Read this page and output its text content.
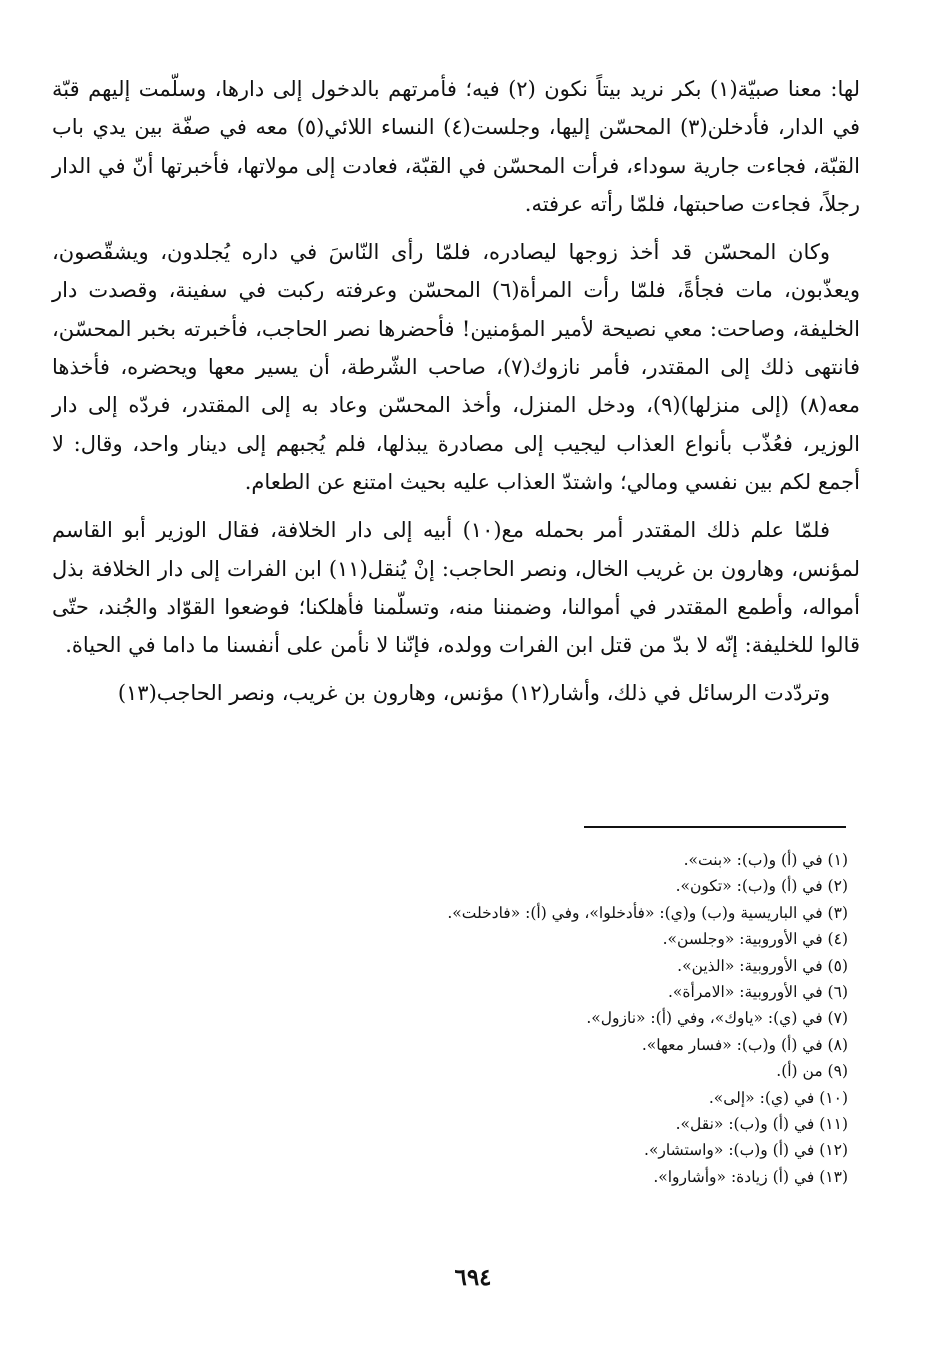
لها: معنا صبيّة(١) بكر نريد بيتاً نكون (٢) فيه؛ فأمرتهم بالدخول إلى دارها، وسلّمت إليهم قبّة في الدار، فأدخلن(٣) المحسّن إليها، وجلست(٤) النساء اللائي(٥) معه في صفّة بين يدي باب القبّة، فجاءت جارية سوداء، فرأت المحسّن في القبّة، فعادت إلى مولاتها، فأخبرتها أنّ في الدار رجلاً، فجاءت صاحبتها، فلمّا رأته عرفته.

وكان المحسّن قد أخذ زوجها ليصادره، فلمّا رأى النّاسَ في داره يُجلدون، ويشقّصون، ويعذّبون، مات فجأةً، فلمّا رأت المرأة(٦) المحسّن وعرفته ركبت في سفينة، وقصدت دار الخليفة، وصاحت: معي نصيحة لأمير المؤمنين! فأحضرها نصر الحاجب، فأخبرته بخبر المحسّن، فانتهى ذلك إلى المقتدر، فأمر نازوك(٧)، صاحب الشّرطة، أن يسير معها ويحضره، فأخذها معه(٨) (إلى منزلها)(٩)، ودخل المنزل، وأخذ المحسّن وعاد به إلى المقتدر، فردّه إلى دار الوزير، فعُذّب بأنواع العذاب ليجيب إلى مصادرة يبذلها، فلم يُجبهم إلى دينار واحد، وقال: لا أجمع لكم بين نفسي ومالي؛ واشتدّ العذاب عليه بحيث امتنع عن الطعام.

فلمّا علم ذلك المقتدر أمر بحمله مع(١٠) أبيه إلى دار الخلافة، فقال الوزير أبو القاسم لمؤنس، وهارون بن غريب الخال، ونصر الحاجب: إنْ يُنقل(١١) ابن الفرات إلى دار الخلافة بذل أمواله، وأطمع المقتدر في أموالنا، وضمننا منه، وتسلّمنا فأهلكنا؛ فوضعوا القوّاد والجُند، حتّى قالوا للخليفة: إنّه لا بدّ من قتل ابن الفرات وولده، فإنّنا لا نأمن على أنفسنا ما داما في الحياة.

وتردّدت الرسائل في ذلك، وأشار(١٢) مؤنس، وهارون بن غريب، ونصر الحاجب(١٣)

(١) في (أ) و(ب): «بنت».
(٢) في (أ) و(ب): «تكون».
(٣) في الباريسية و(ب) و(ي): «فأدخلوا»، وفي (أ): «فادخلت».
(٤) في الأوروبية: «وجلسن».
(٥) في الأوروبية: «الذين».
(٦) في الأوروبية: «الامرأة».
(٧) في (ي): «ياوك»، وفي (أ): «نازول».
(٨) في (أ) و(ب): «فسار معها».
(٩) من (أ).
(١٠) في (ي): «إلى».
(١١) في (أ) و(ب): «نقل».
(١٢) في (أ) و(ب): «واستشار».
(١٣) في (أ) زيادة: «وأشاروا».
٦٩٤
